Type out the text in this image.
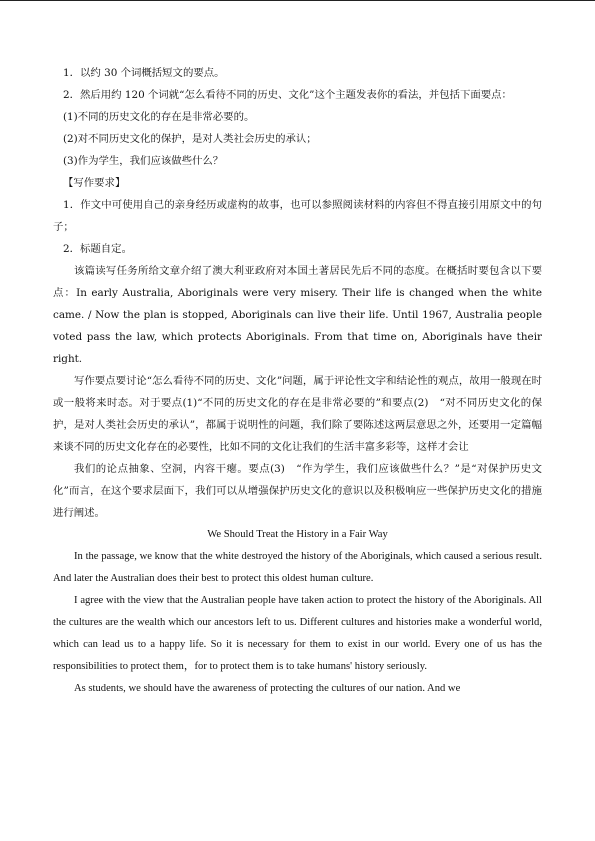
1．以约 30 个词概括短文的要点。

2．然后用约 120 个词就“怎么看待不同的历史、文化”这个主题发表你的看法，并包括下面要点：

(1)不同的历史文化的存在是非常必要的。

(2)对不同历史文化的保护，是对人类社会历史的承认；

(3)作为学生，我们应该做些什么？

【写作要求】

1．作文中可使用自己的亲身经历或虚构的故事，也可以参照阅读材料的内容但不得直接引用原文中的句子；

2．标题自定。

该篇读写任务所给文章介绍了澳大利亚政府对本国土著居民先后不同的态度。在概括时要包含以下要点：In early Australia, Aboriginals were very misery. Their life is changed when the white came. / Now the plan is stopped, Aboriginals can live their life. Until 1967, Australia people voted pass the law, which protects Aboriginals. From that time on, Aboriginals have their right.

写作要点要讨论“怎么看待不同的历史、文化”问题，属于评论性文字和结论性的观点，故用一般现在时或一般将来时态。对于要点(1)“不同的历史文化的存在是非常必要的”和要点(2)　“对不同历史文化的保护，是对人类社会历史的承认”，都属于说明性的问题，我们除了要陈述这两层意思之外，还要用一定篇幅来谈不同的历史文化存在的必要性，比如不同的文化让我们的生活丰富多彩等，这样才会让

我们的论点抽象、空洞，内容干瘪。要点(3)　“作为学生，我们应该做些什么？”是“对保护历史文化”而言，在这个要求层面下，我们可以从增强保护历史文化的意识以及积极响应一些保护历史文化的措施进行阐述。

We Should Treat the History in a Fair Way

In the passage, we know that the white destroyed the history of the Aboriginals, which caused a serious result. And later the Australian does their best to protect this oldest human culture.

I agree with the view that the Australian people have taken action to protect the history of the Aboriginals. All the cultures are the wealth which our ancestors left to us. Different cultures and histories make a wonderful world, which can lead us to a happy life. So it is necessary for them to exist in our world. Every one of us has the responsibilities to protect them，for to protect them is to take humans' history seriously.

As students, we should have the awareness of protecting the cultures of our nation. And we
